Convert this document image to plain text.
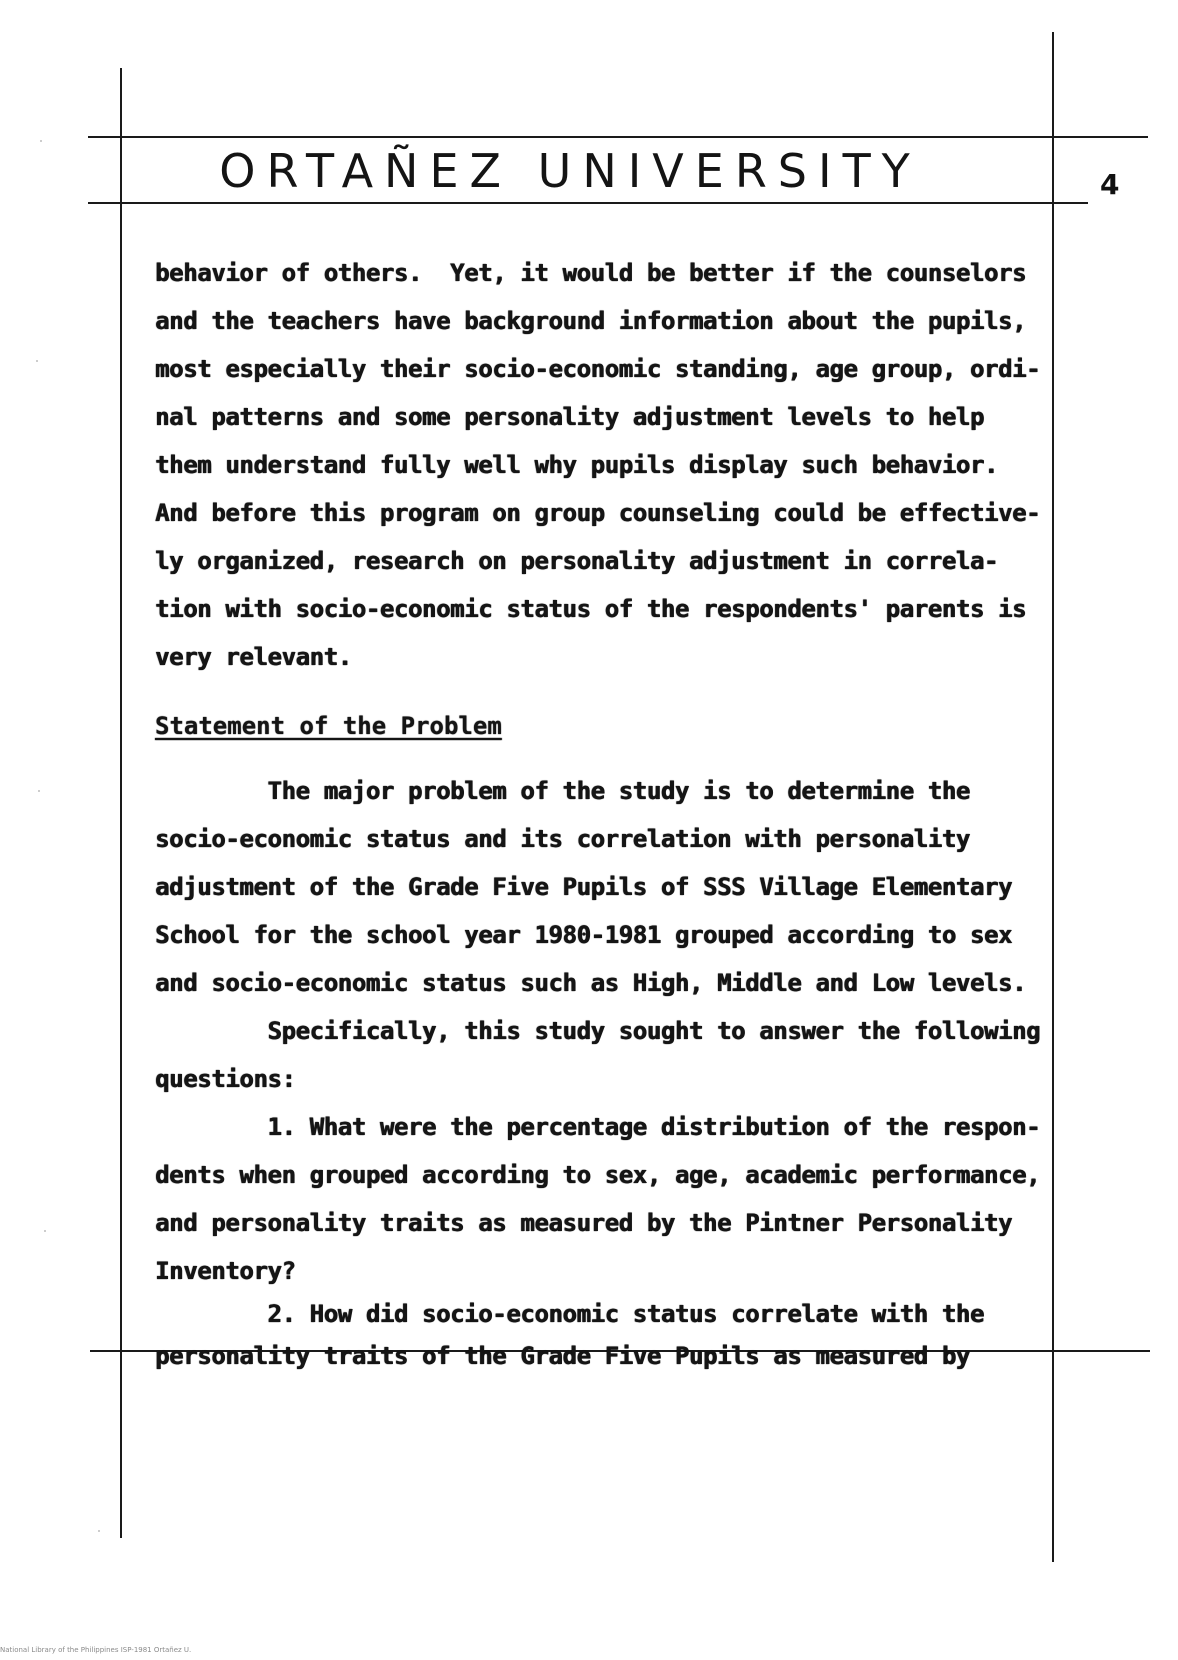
ORTAÑEZ UNIVERSITY	4
behavior of others.  Yet, it would be better if the counselors
and the teachers have background information about the pupils,
most especially their socio-economic standing, age group, ordi-
nal patterns and some personality adjustment levels to help
them understand fully well why pupils display such behavior.
And before this program on group counseling could be effective-
ly organized, research on personality adjustment in correla-
tion with socio-economic status of the respondents' parents is
very relevant.
Statement of the Problem
The major problem of the study is to determine the
socio-economic status and its correlation with personality
adjustment of the Grade Five Pupils of SSS Village Elementary
School for the school year 1980-1981 grouped according to sex
and socio-economic status such as High, Middle and Low levels.
Specifically, this study sought to answer the following
questions:
1. What were the percentage distribution of the respon-
dents when grouped according to sex, age, academic performance,
and personality traits as measured by the Pintner Personality
Inventory?
2. How did socio-economic status correlate with the
personality traits of the Grade Five Pupils as measured by
National Library of the Philippines ISP-1981 Ortañez U.
